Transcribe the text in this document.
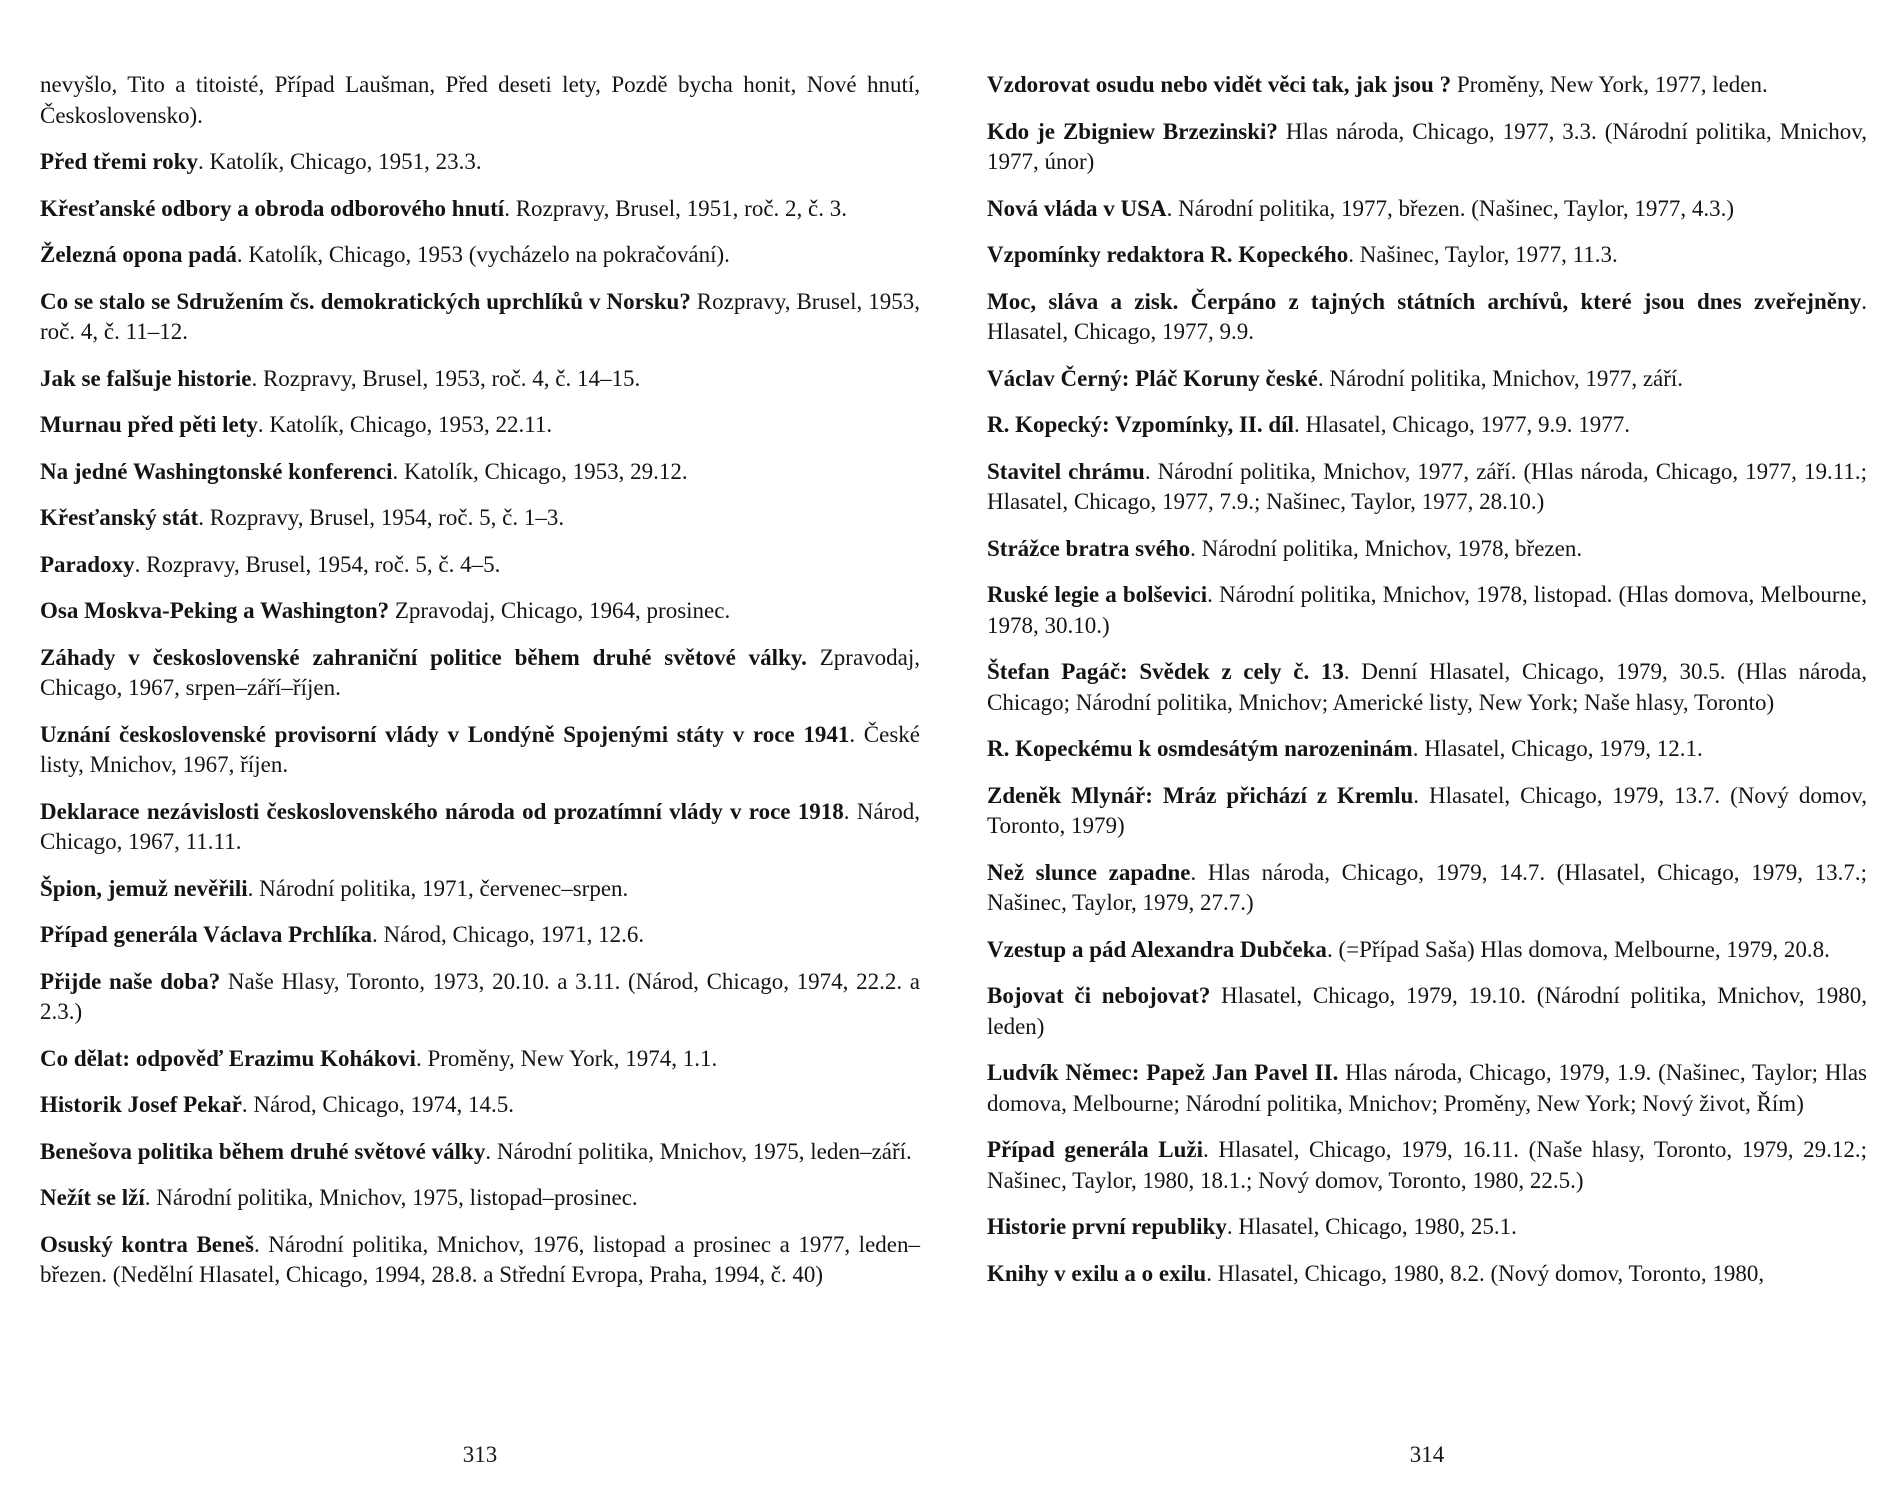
nevyšlo, Tito a titoisté, Případ Laušman, Před deseti lety, Pozdě bycha honit, Nové hnutí, Československo).

Před třemi roky. Katolík, Chicago, 1951, 23.3.

Křesťanské odbory a obroda odborového hnutí. Rozpravy, Brusel, 1951, roč. 2, č. 3.

Železná opona padá. Katolík, Chicago, 1953 (vycházelo na pokračování).

Co se stalo se Sdružením čs. demokratických uprchlíků v Norsku? Rozpravy, Brusel, 1953, roč. 4, č. 11–12.

Jak se falšuje historie. Rozpravy, Brusel, 1953, roč. 4, č. 14–15.

Murnau před pěti lety. Katolík, Chicago, 1953, 22.11.

Na jedné Washingtonské konferenci. Katolík, Chicago, 1953, 29.12.

Křesťanský stát. Rozpravy, Brusel, 1954, roč. 5, č. 1–3.

Paradoxy. Rozpravy, Brusel, 1954, roč. 5, č. 4–5.

Osa Moskva-Peking a Washington? Zpravodaj, Chicago, 1964, prosinec.

Záhady v československé zahraniční politice během druhé světové války. Zpravodaj, Chicago, 1967, srpen–září–říjen.

Uznání československé provisorní vlády v Londýně Spojenými státy v roce 1941. České listy, Mnichov, 1967, říjen.

Deklarace nezávislosti československého národa od prozatímní vlády v roce 1918. Národ, Chicago, 1967, 11.11.

Špion, jemuž nevěřili. Národní politika, 1971, červenec–srpen.

Případ generála Václava Prchlíka. Národ, Chicago, 1971, 12.6.

Přijde naše doba? Naše Hlasy, Toronto, 1973, 20.10. a 3.11. (Národ, Chicago, 1974, 22.2. a 2.3.)

Co dělat: odpověď Erazimu Kohákovi. Proměny, New York, 1974, 1.1.

Historik Josef Pekař. Národ, Chicago, 1974, 14.5.

Benešova politika během druhé světové války. Národní politika, Mnichov, 1975, leden–září.

Nežít se lží. Národní politika, Mnichov, 1975, listopad–prosinec.

Osuský kontra Beneš. Národní politika, Mnichov, 1976, listopad a prosinec a 1977, leden–březen. (Nedělní Hlasatel, Chicago, 1994, 28.8. a Střední Evropa, Praha, 1994, č. 40)

313

Vzdorovat osudu nebo vidět věci tak, jak jsou ? Proměny, New York, 1977, leden.

Kdo je Zbigniew Brzezinski? Hlas národa, Chicago, 1977, 3.3. (Národní politika, Mnichov, 1977, únor)

Nová vláda v USA. Národní politika, 1977, březen. (Našinec, Taylor, 1977, 4.3.)

Vzpomínky redaktora R. Kopeckého. Našinec, Taylor, 1977, 11.3.

Moc, sláva a zisk. Čerpáno z tajných státních archívů, které jsou dnes zveřejněny. Hlasatel, Chicago, 1977, 9.9.

Václav Černý: Pláč Koruny české. Národní politika, Mnichov, 1977, září.

R. Kopecký: Vzpomínky, II. díl. Hlasatel, Chicago, 1977, 9.9. 1977.

Stavitel chrámu. Národní politika, Mnichov, 1977, září. (Hlas národa, Chicago, 1977, 19.11.; Hlasatel, Chicago, 1977, 7.9.; Našinec, Taylor, 1977, 28.10.)

Strážce bratra svého. Národní politika, Mnichov, 1978, březen.

Ruské legie a bolševici. Národní politika, Mnichov, 1978, listopad. (Hlas domova, Melbourne, 1978, 30.10.)

Štefan Pagáč: Svědek z cely č. 13. Denní Hlasatel, Chicago, 1979, 30.5. (Hlas národa, Chicago; Národní politika, Mnichov; Americké listy, New York; Naše hlasy, Toronto)

R. Kopeckému k osmdesátým narozeninám. Hlasatel, Chicago, 1979, 12.1.

Zdeněk Mlynář: Mráz přichází z Kremlu. Hlasatel, Chicago, 1979, 13.7. (Nový domov, Toronto, 1979)

Než slunce zapadne. Hlas národa, Chicago, 1979, 14.7. (Hlasatel, Chicago, 1979, 13.7.; Našinec, Taylor, 1979, 27.7.)

Vzestup a pád Alexandra Dubčeka. (=Případ Saša) Hlas domova, Melbourne, 1979, 20.8.

Bojovat či nebojovat? Hlasatel, Chicago, 1979, 19.10. (Národní politika, Mnichov, 1980, leden)

Ludvík Němec: Papež Jan Pavel II. Hlas národa, Chicago, 1979, 1.9. (Našinec, Taylor; Hlas domova, Melbourne; Národní politika, Mnichov; Proměny, New York; Nový život, Řím)

Případ generála Luži. Hlasatel, Chicago, 1979, 16.11. (Naše hlasy, Toronto, 1979, 29.12.; Našinec, Taylor, 1980, 18.1.; Nový domov, Toronto, 1980, 22.5.)

Historie první republiky. Hlasatel, Chicago, 1980, 25.1.

Knihy v exilu a o exilu. Hlasatel, Chicago, 1980, 8.2. (Nový domov, Toronto, 1980,

314
